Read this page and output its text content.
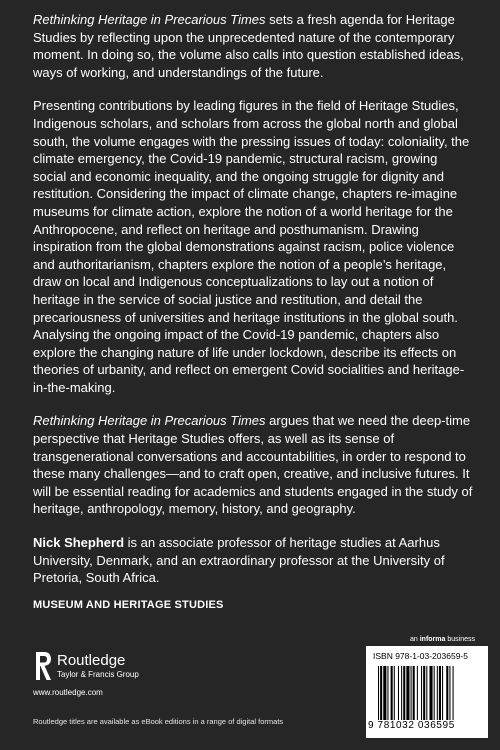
Rethinking Heritage in Precarious Times sets a fresh agenda for Heritage Studies by reflecting upon the unprecedented nature of the contemporary moment. In doing so, the volume also calls into question established ideas, ways of working, and understandings of the future.

Presenting contributions by leading figures in the field of Heritage Studies, Indigenous scholars, and scholars from across the global north and global south, the volume engages with the pressing issues of today: coloniality, the climate emergency, the Covid-19 pandemic, structural racism, growing social and economic inequality, and the ongoing struggle for dignity and restitution. Considering the impact of climate change, chapters re-imagine museums for climate action, explore the notion of a world heritage for the Anthropocene, and reflect on heritage and posthumanism. Drawing inspiration from the global demonstrations against racism, police violence and authoritarianism, chapters explore the notion of a people’s heritage, draw on local and Indigenous conceptualizations to lay out a notion of heritage in the service of social justice and restitution, and detail the precariousness of universities and heritage institutions in the global south. Analysing the ongoing impact of the Covid-19 pandemic, chapters also explore the changing nature of life under lockdown, describe its effects on theories of urbanity, and reflect on emergent Covid socialities and heritage-in-the-making.

Rethinking Heritage in Precarious Times argues that we need the deep-time perspective that Heritage Studies offers, as well as its sense of transgenerational conversations and accountabilities, in order to respond to these many challenges—and to craft open, creative, and inclusive futures. It will be essential reading for academics and students engaged in the study of heritage, anthropology, memory, history, and geography.

Nick Shepherd is an associate professor of heritage studies at Aarhus University, Denmark, and an extraordinary professor at the University of Pretoria, South Africa.

MUSEUM AND HERITAGE STUDIES
Routledge
Taylor & Francis Group
www.routledge.com
Routledge titles are available as eBook editions in a range of digital formats
an informa business
ISBN 978-1-03-203659-5
9 781032 036595
